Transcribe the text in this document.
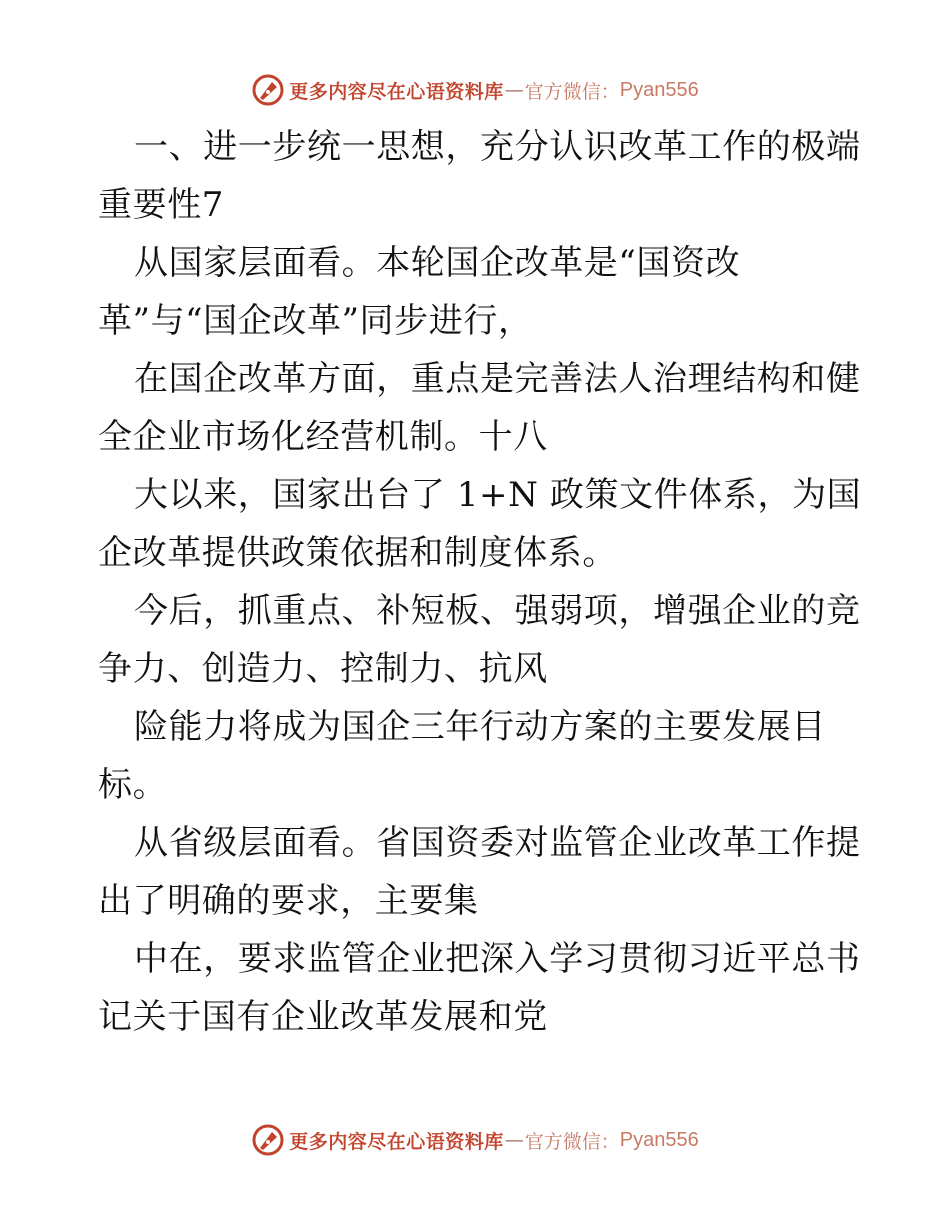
更多内容尽在心语资料库 — 官方微信： Pyan556
一、进一步统一思想，充分认识改革工作的极端
重要性7
从国家层面看。本轮国企改革是“国资改
革”与“国企改革”同步进行，
在国企改革方面，重点是完善法人治理结构和健
全企业市场化经营机制。十八
大以来，国家出台了 1+N 政策文件体系，为国
企改革提供政策依据和制度体系。
今后，抓重点、补短板、强弱项，增强企业的竞
争力、创造力、控制力、抗风
险能力将成为国企三年行动方案的主要发展目
标。
从省级层面看。省国资委对监管企业改革工作提
出了明确的要求，主要集
中在，要求监管企业把深入学习贯彻习近平总书
记关于国有企业改革发展和党
更多内容尽在心语资料库 — 官方微信： Pyan556
